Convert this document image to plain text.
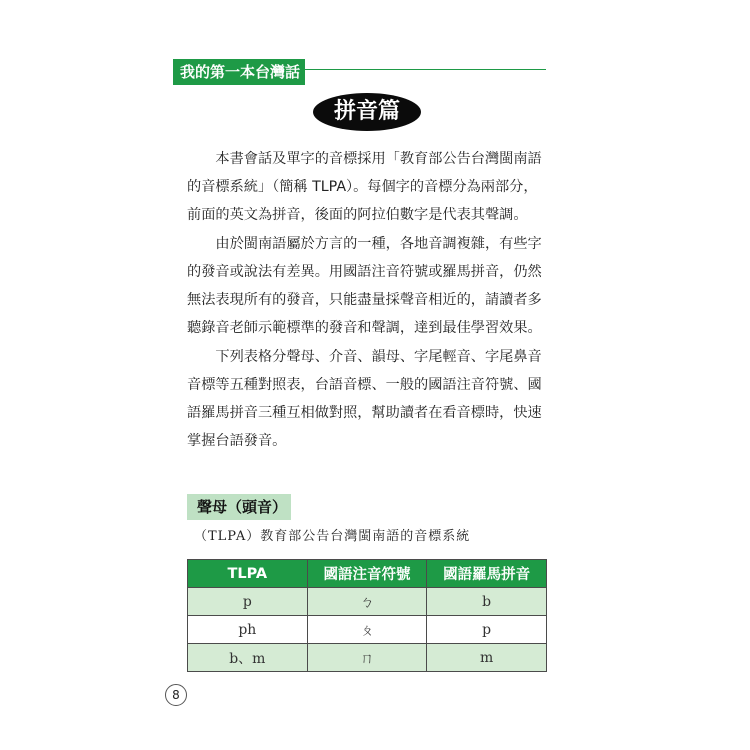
我的第一本台灣話
拼音篇

本書會話及單字的音標採用「教育部公告台灣閩南語的音標系統」（簡稱 TLPA）。每個字的音標分為兩部分，前面的英文為拼音，後面的阿拉伯數字是代表其聲調。

由於閩南語屬於方言的一種，各地音調複雜，有些字的發音或說法有差異。用國語注音符號或羅馬拼音，仍然無法表現所有的發音，只能盡量採聲音相近的，請讀者多聽錄音老師示範標準的發音和聲調，達到最佳學習效果。

下列表格分聲母、介音、韻母、字尾輕音、字尾鼻音音標等五種對照表，台語音標、一般的國語注音符號、國語羅馬拼音三種互相做對照，幫助讀者在看音標時，快速掌握台語發音。

聲母（頭音）
（TLPA）教育部公告台灣閩南語的音標系統
TLPA	國語注音符號	國語羅馬拼音
p	ㄅ	b
ph	ㄆ	p
b、m	ㄇ	m
8
